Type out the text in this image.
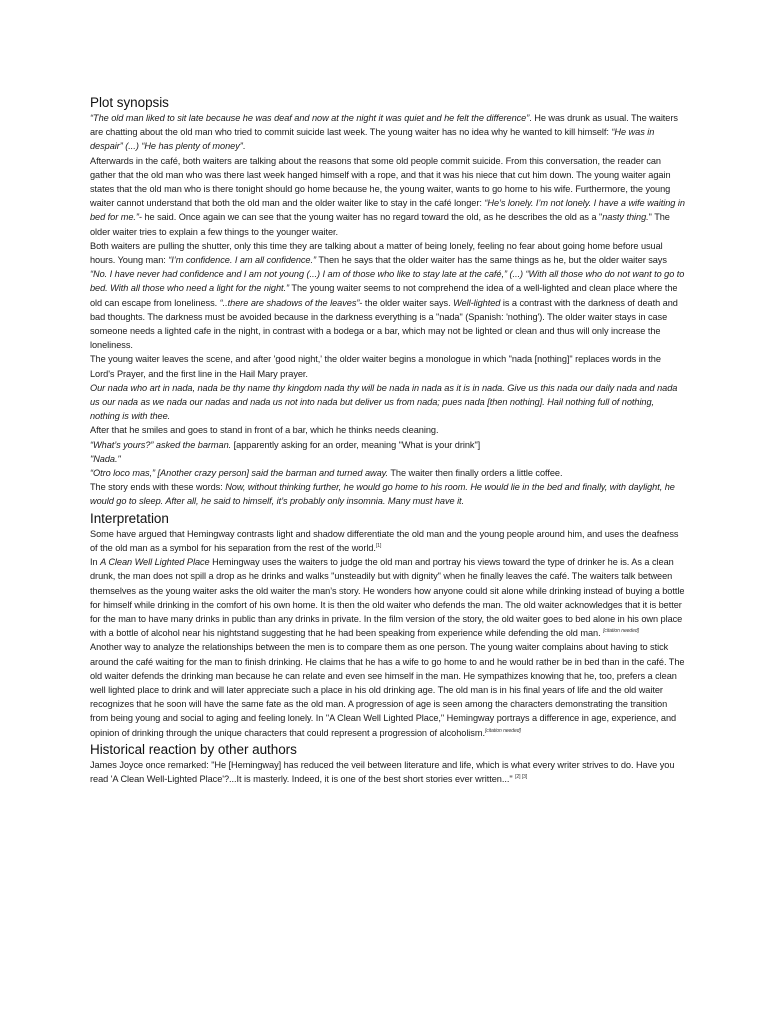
Plot synopsis

“The old man liked to sit late because he was deaf and now at the night it was quiet and he felt the difference”. He was drunk as usual. The waiters are chatting about the old man who tried to commit suicide last week. The young waiter has no idea why he wanted to kill himself: “He was in despair” (...) “He has plenty of money”.

Afterwards in the café, both waiters are talking about the reasons that some old people commit suicide. From this conversation, the reader can gather that the old man who was there last week hanged himself with a rope, and that it was his niece that cut him down. The young waiter again states that the old man who is there tonight should go home because he, the young waiter, wants to go home to his wife. Furthermore, the young waiter cannot understand that both the old man and the older waiter like to stay in the café longer: “He’s lonely. I’m not lonely. I have a wife waiting in bed for me.”- he said. Once again we can see that the young waiter has no regard toward the old, as he describes the old as a "nasty thing." The older waiter tries to explain a few things to the younger waiter.

Both waiters are pulling the shutter, only this time they are talking about a matter of being lonely, feeling no fear about going home before usual hours. Young man: “I’m confidence. I am all confidence.” Then he says that the older waiter has the same things as he, but the older waiter says “No. I have never had confidence and I am not young (...) I am of those who like to stay late at the café,” (...) “With all those who do not want to go to bed. With all those who need a light for the night.” The young waiter seems to not comprehend the idea of a well-lighted and clean place where the old can escape from loneliness. “..there are shadows of the leaves”- the older waiter says. Well-lighted is a contrast with the darkness of death and bad thoughts. The darkness must be avoided because in the darkness everything is a "nada" (Spanish: 'nothing'). The older waiter stays in case someone needs a lighted cafe in the night, in contrast with a bodega or a bar, which may not be lighted or clean and thus will only increase the loneliness.

The young waiter leaves the scene, and after 'good night,' the older waiter begins a monologue in which "nada [nothing]" replaces words in the Lord's Prayer, and the first line in the Hail Mary prayer.

Our nada who art in nada, nada be thy name thy kingdom nada thy will be nada in nada as it is in nada. Give us this nada our daily nada and nada us our nada as we nada our nadas and nada us not into nada but deliver us from nada; pues nada [then nothing]. Hail nothing full of nothing, nothing is with thee.

After that he smiles and goes to stand in front of a bar, which he thinks needs cleaning.

“What’s yours?” asked the barman. [apparently asking for an order, meaning "What is your drink"]

"Nada."

“Otro loco mas,” [Another crazy person] said the barman and turned away. The waiter then finally orders a little coffee.

The story ends with these words: Now, without thinking further, he would go home to his room. He would lie in the bed and finally, with daylight, he would go to sleep. After all, he said to himself, it’s probably only insomnia. Many must have it.

Interpretation

Some have argued that Hemingway contrasts light and shadow differentiate the old man and the young people around him, and uses the deafness of the old man as a symbol for his separation from the rest of the world.[1]

In A Clean Well Lighted Place Hemingway uses the waiters to judge the old man and portray his views toward the type of drinker he is. As a clean drunk, the man does not spill a drop as he drinks and walks "unsteadily but with dignity" when he finally leaves the café. The waiters talk between themselves as the young waiter asks the old waiter the man’s story. He wonders how anyone could sit alone while drinking instead of buying a bottle for himself while drinking in the comfort of his own home. It is then the old waiter who defends the man. The old waiter acknowledges that it is better for the man to have many drinks in public than any drinks in private. In the film version of the story, the old waiter goes to bed alone in his own place with a bottle of alcohol near his nightstand suggesting that he had been speaking from experience while defending the old man. [citation needed]

Another way to analyze the relationships between the men is to compare them as one person. The young waiter complains about having to stick around the café waiting for the man to finish drinking. He claims that he has a wife to go home to and he would rather be in bed than in the café. The old waiter defends the drinking man because he can relate and even see himself in the man. He sympathizes knowing that he, too, prefers a clean well lighted place to drink and will later appreciate such a place in his old drinking age. The old man is in his final years of life and the old waiter recognizes that he soon will have the same fate as the old man. A progression of age is seen among the characters demonstrating the transition from being young and social to aging and feeling lonely. In "A Clean Well Lighted Place," Hemingway portrays a difference in age, experience, and opinion of drinking through the unique characters that could represent a progression of alcoholism.[citation needed]

Historical reaction by other authors

James Joyce once remarked: "He [Hemingway] has reduced the veil between literature and life, which is what every writer strives to do. Have you read 'A Clean Well-Lighted Place'?...It is masterly. Indeed, it is one of the best short stories ever written..." [2] [3]
